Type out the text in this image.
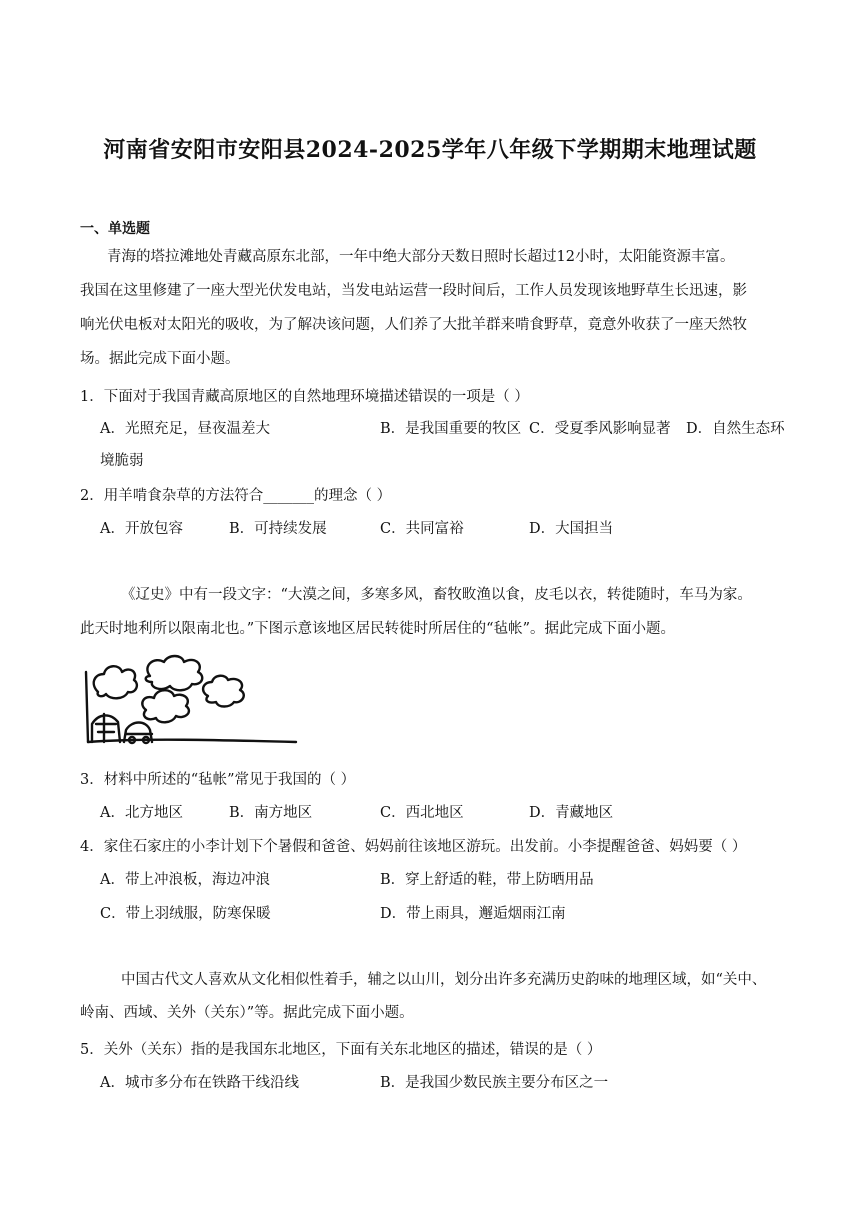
河南省安阳市安阳县2024-2025学年八年级下学期期末地理试题
一、单选题
青海的塔拉滩地处青藏高原东北部，一年中绝大部分天数日照时长超过12小时，太阳能资源丰富。
我国在这里修建了一座大型光伏发电站，当发电站运营一段时间后，工作人员发现该地野草生长迅速，影
响光伏电板对太阳光的吸收，为了解决该问题，人们养了大批羊群来啃食野草，竟意外收获了一座天然牧
场。据此完成下面小题。
1．下面对于我国青藏高原地区的自然地理环境描述错误的一项是（ ）
A．光照充足，昼夜温差大	B．是我国重要的牧区 C．受夏季风影响显著 D．自然生态环
境脆弱
2．用羊啃食杂草的方法符合_______的理念（ ）
A．开放包容	B．可持续发展	C．共同富裕	D．大国担当
《辽史》中有一段文字：“大漠之间，多寒多风，畜牧畋渔以食，皮毛以衣，转徙随时，车马为家。
此天时地利所以限南北也。”下图示意该地区居民转徙时所居住的“毡帐”。据此完成下面小题。
3．材料中所述的“毡帐”常见于我国的（ ）
A．北方地区	B．南方地区	C．西北地区	D．青藏地区
4．家住石家庄的小李计划下个暑假和爸爸、妈妈前往该地区游玩。出发前。小李提醒爸爸、妈妈要（ ）
A．带上冲浪板，海边冲浪	B．穿上舒适的鞋，带上防晒用品
C．带上羽绒服，防寒保暖	D．带上雨具，邂逅烟雨江南
中国古代文人喜欢从文化相似性着手，辅之以山川，划分出许多充满历史韵味的地理区域，如“关中、
岭南、西域、关外（关东）”等。据此完成下面小题。
5．关外（关东）指的是我国东北地区，下面有关东北地区的描述，错误的是（ ）
A．城市多分布在铁路干线沿线	B．是我国少数民族主要分布区之一
